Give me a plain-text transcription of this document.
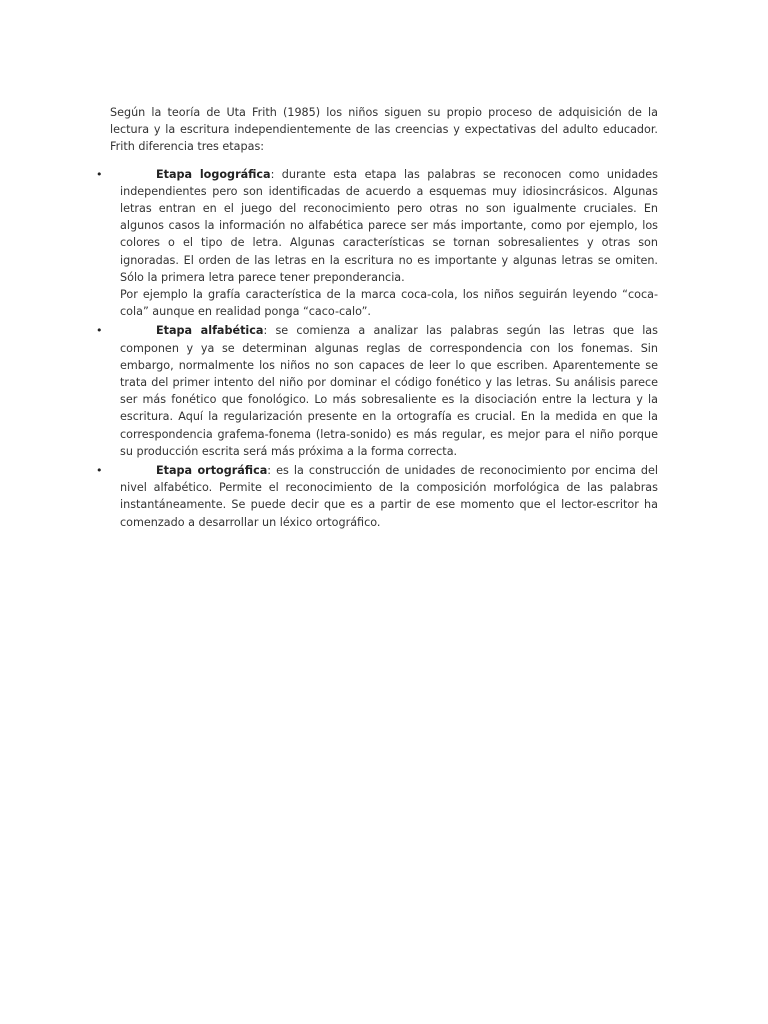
Según la teoría de Uta Frith (1985) los niños siguen su propio proceso de adquisición de la lectura y la escritura independientemente de las creencias y expectativas del adulto educador. Frith diferencia tres etapas:

•	Etapa logográfica: durante esta etapa las palabras se reconocen como unidades independientes pero son identificadas de acuerdo a esquemas muy idiosincrásicos. Algunas letras entran en el juego del reconocimiento pero otras no son igualmente cruciales. En algunos casos la información no alfabética parece ser más importante, como por ejemplo, los colores o el tipo de letra. Algunas características se tornan sobresalientes y otras son ignoradas. El orden de las letras en la escritura no es importante y algunas letras se omiten. Sólo la primera letra parece tener preponderancia.

Por ejemplo la grafía característica de la marca coca-cola, los niños seguirán leyendo “coca-cola” aunque en realidad ponga “caco-calo”.

•	Etapa alfabética: se comienza a analizar las palabras según las letras que las componen y ya se determinan algunas reglas de correspondencia con los fonemas. Sin embargo, normalmente los niños no son capaces de leer lo que escriben. Aparentemente se trata del primer intento del niño por dominar el código fonético y las letras. Su análisis parece ser más fonético que fonológico. Lo más sobresaliente es la disociación entre la lectura y la escritura. Aquí la regularización presente en la ortografía es crucial. En la medida en que la correspondencia grafema-fonema (letra-sonido) es más regular, es mejor para el niño porque su producción escrita será más próxima a la forma correcta.

•	Etapa ortográfica: es la construcción de unidades de reconocimiento por encima del nivel alfabético. Permite el reconocimiento de la composición morfológica de las palabras instantáneamente. Se puede decir que es a partir de ese momento que el lector-escritor ha comenzado a desarrollar un léxico ortográfico.
